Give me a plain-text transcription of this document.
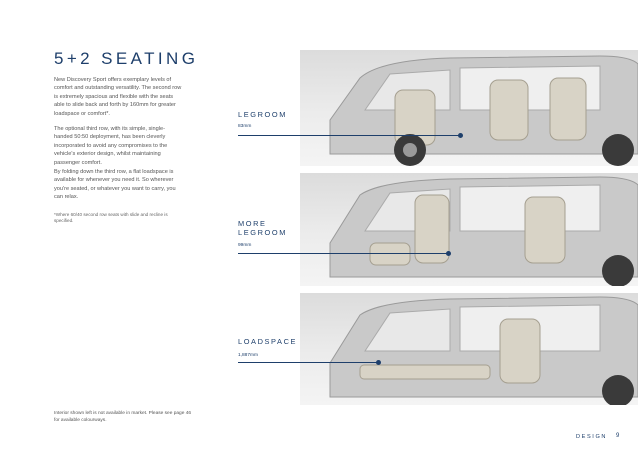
5+2 SEATING

New Discovery Sport offers exemplary levels of comfort and outstanding versatility. The second row is extremely spacious and flexible with the seats able to slide back and forth by 160mm for greater loadspace or comfort*.

The optional third row, with its simple, single-handed 50:50 deployment, has been cleverly incorporated to avoid any compromises to the vehicle's exterior design, whilst maintaining passenger comfort.

By folding down the third row, a flat loadspace is available for whenever you need it. So wherever you're seated, or whatever you want to carry, you can relax.

*Where 60/40 second row seats with slide and recline is specified.

Interior shown left is not available in market. Please see page 46 for available colourways.

LEGROOM
83mm
MORE
LEGROOM
99mm
LOADSPACE
1,887mm
DESIGN 9
